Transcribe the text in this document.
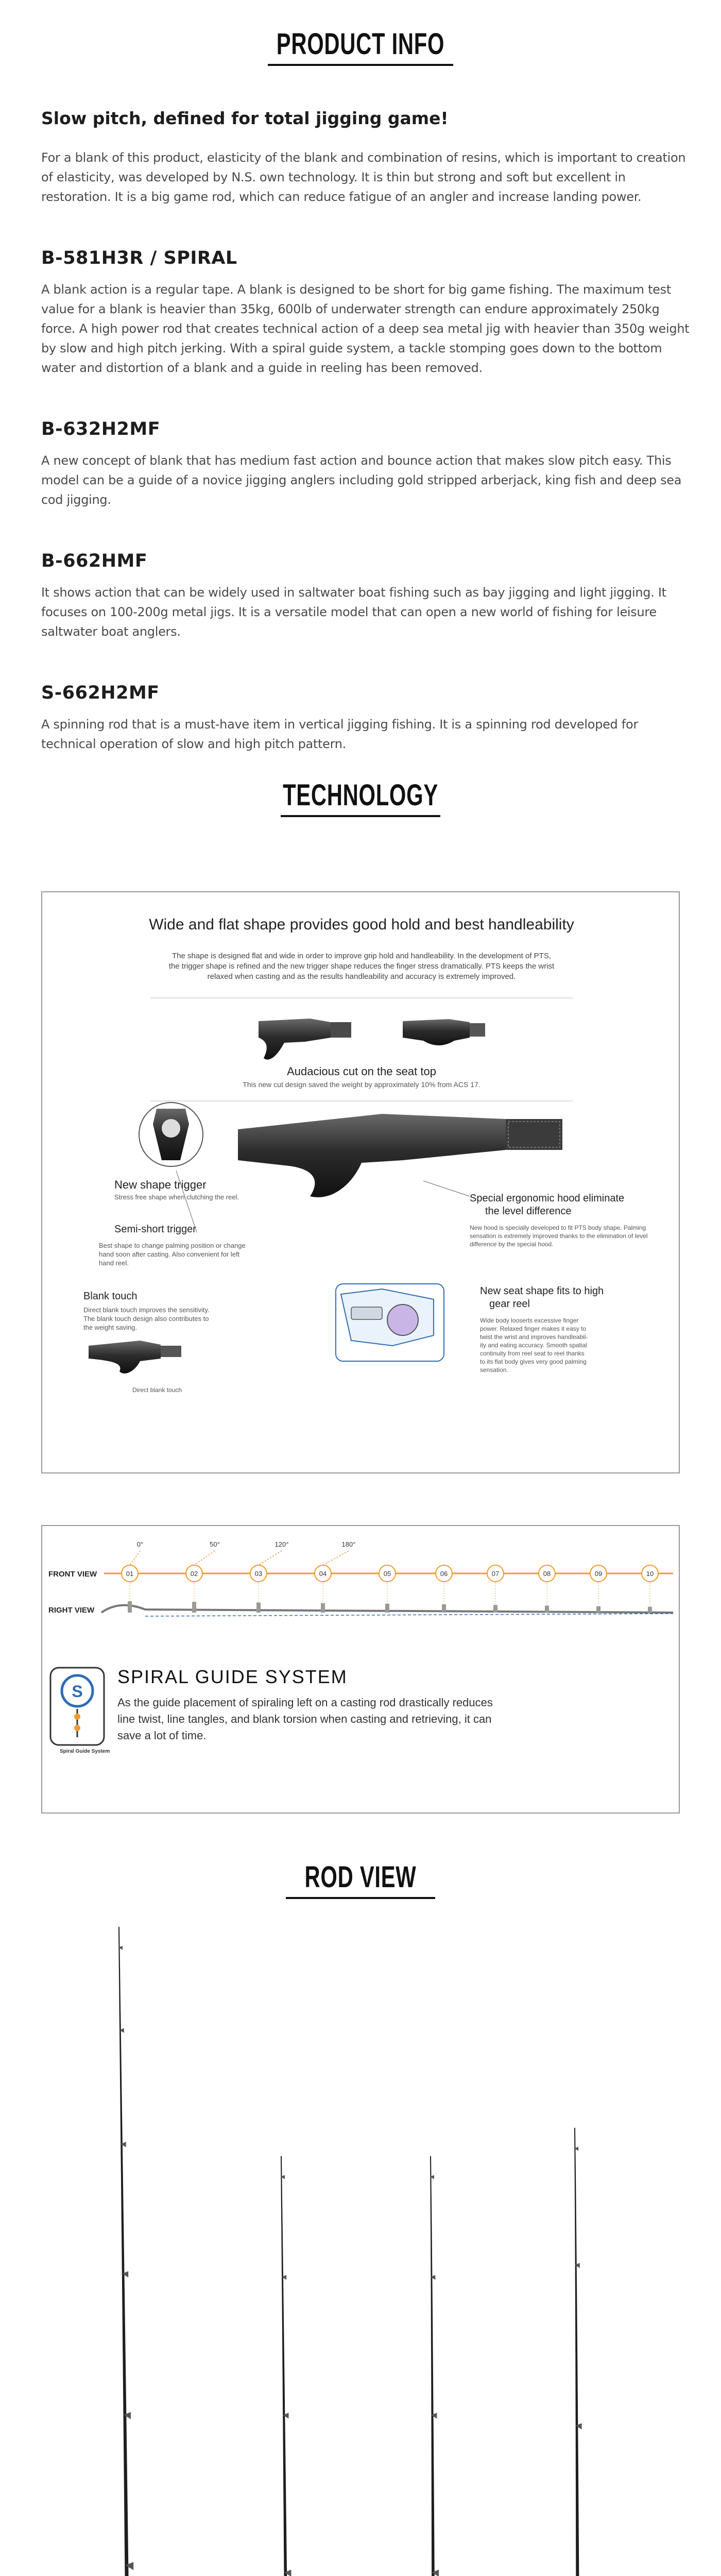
PRODUCT INFO

Slow pitch, defined for total jigging game!

For a blank of this product, elasticity of the blank and combination of resins, which is important to creation of elasticity, was developed by N.S. own technology. It is thin but strong and soft but excellent in restoration. It is a big game rod, which can reduce fatigue of an angler and increase landing power.

B-581H3R / SPIRAL

A blank action is a regular tape. A blank is designed to be short for big game fishing. The maximum test value for a blank is heavier than 35kg, 600lb of underwater strength can endure approximately 250kg force. A high power rod that creates technical action of a deep sea metal jig with heavier than 350g weight by slow and high pitch jerking. With a spiral guide system, a tackle stomping goes down to the bottom water and distortion of a blank and a guide in reeling has been removed.

B-632H2MF

A new concept of blank that has medium fast action and bounce action that makes slow pitch easy. This model can be a guide of a novice jigging anglers including gold stripped arberjack, king fish and deep sea cod jigging.

B-662HMF

It shows action that can be widely used in saltwater boat fishing such as bay jigging and light jigging. It focuses on 100-200g metal jigs. It is a versatile model that can open a new world of fishing for leisure saltwater boat anglers.

S-662H2MF

A spinning rod that is a must-have item in vertical jigging fishing. It is a spinning rod developed for technical operation of slow and high pitch pattern.

TECHNOLOGY
Wide and flat shape provides good hold and best handleability
The shape is designed flat and wide in order to improve grip hold and handleability. In the development of PTS,
the trigger shape is refined and the new trigger shape reduces the finger stress dramatically. PTS keeps the wrist
relaxed when casting and as the results handleability and accuracy is extremely improved.
Audacious cut on the seat top
This new cut design saved the weight by approximately 10% from ACS 17.
New shape trigger
Stress free shape when clutching the reel.
Semi-short trigger
Best shape to change palming position or change
hand soon after casting. Also convenient for left
hand reel.
Blank touch
Direct blank touch improves the sensitivity.
The blank touch design also contributes to
the weight saving.
Direct blank touch
Special ergonomic hood eliminate
the level difference
New hood is specially developed to fit PTS body shape. Palming
sensation is extremely improved thanks to the elimination of level
difference by the special hood.
New seat shape fits to high
gear reel
Wide body looserts excessive finger
power. Relaxed finger makes it easy to
twist the wrist and improves handleabil-
ity and eating accuracy. Smooth spatial
continuity from reel seat to reel thanks
to its flat body gives very good palming
sensation.
FRONT VIEW
RIGHT VIEW
01	02	03	04	05	06	07	08	09	10
0°	50°	120°	180°
S
Spiral Guide System
SPIRAL GUIDE SYSTEM
As the guide placement of spiraling left on a casting rod drastically reduces
line twist, line tangles, and blank torsion when casting and retrieving, it can
save a lot of time.
ROD VIEW
